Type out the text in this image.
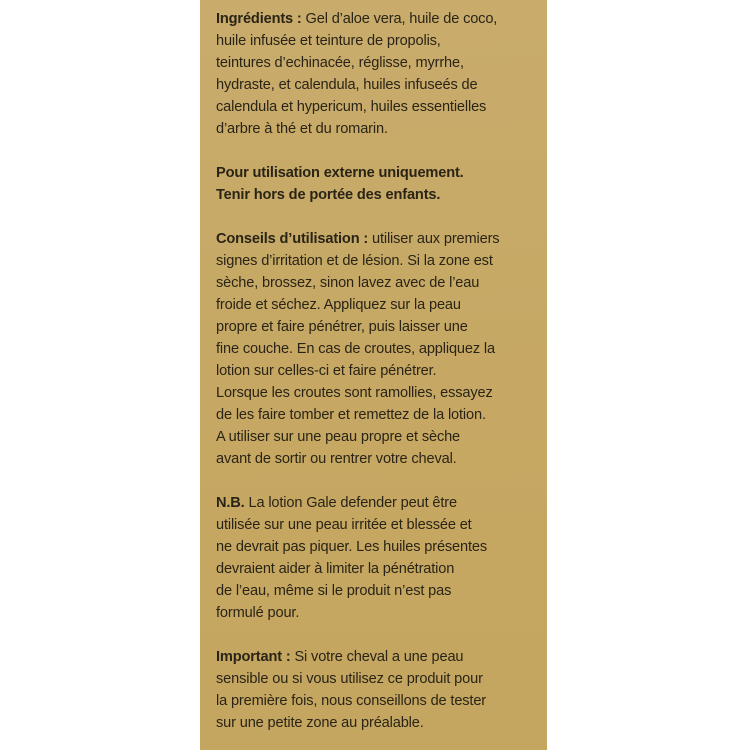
Ingrédients : Gel d’aloe vera, huile de coco,
huile infusée et teinture de propolis,
teintures d’echinacée, réglisse, myrrhe,
hydraste, et calendula, huiles infuseés de
calendula et hypericum, huiles essentielles
d’arbre à thé et du romarin.
Pour utilisation externe uniquement.
Tenir hors de portée des enfants.
Conseils d’utilisation : utiliser aux premiers
signes d’irritation et de lésion. Si la zone est
sèche, brossez, sinon lavez avec de l’eau
froide et séchez. Appliquez sur la peau
propre et faire pénétrer, puis laisser une
fine couche. En cas de croutes, appliquez la
lotion sur celles-ci et faire pénétrer.
Lorsque les croutes sont ramollies, essayez
de les faire tomber et remettez de la lotion.
A utiliser sur une peau propre et sèche
avant de sortir ou rentrer votre cheval.
N.B. La lotion Gale defender peut être
utilisée sur une peau irritée et blessée et
ne devrait pas piquer. Les huiles présentes
devraient aider à limiter la pénétration
de l’eau, même si le produit n’est pas
formulé pour.
Important : Si votre cheval a une peau
sensible ou si vous utilisez ce produit pour
la première fois, nous conseillons de tester
sur une petite zone au préalable.
